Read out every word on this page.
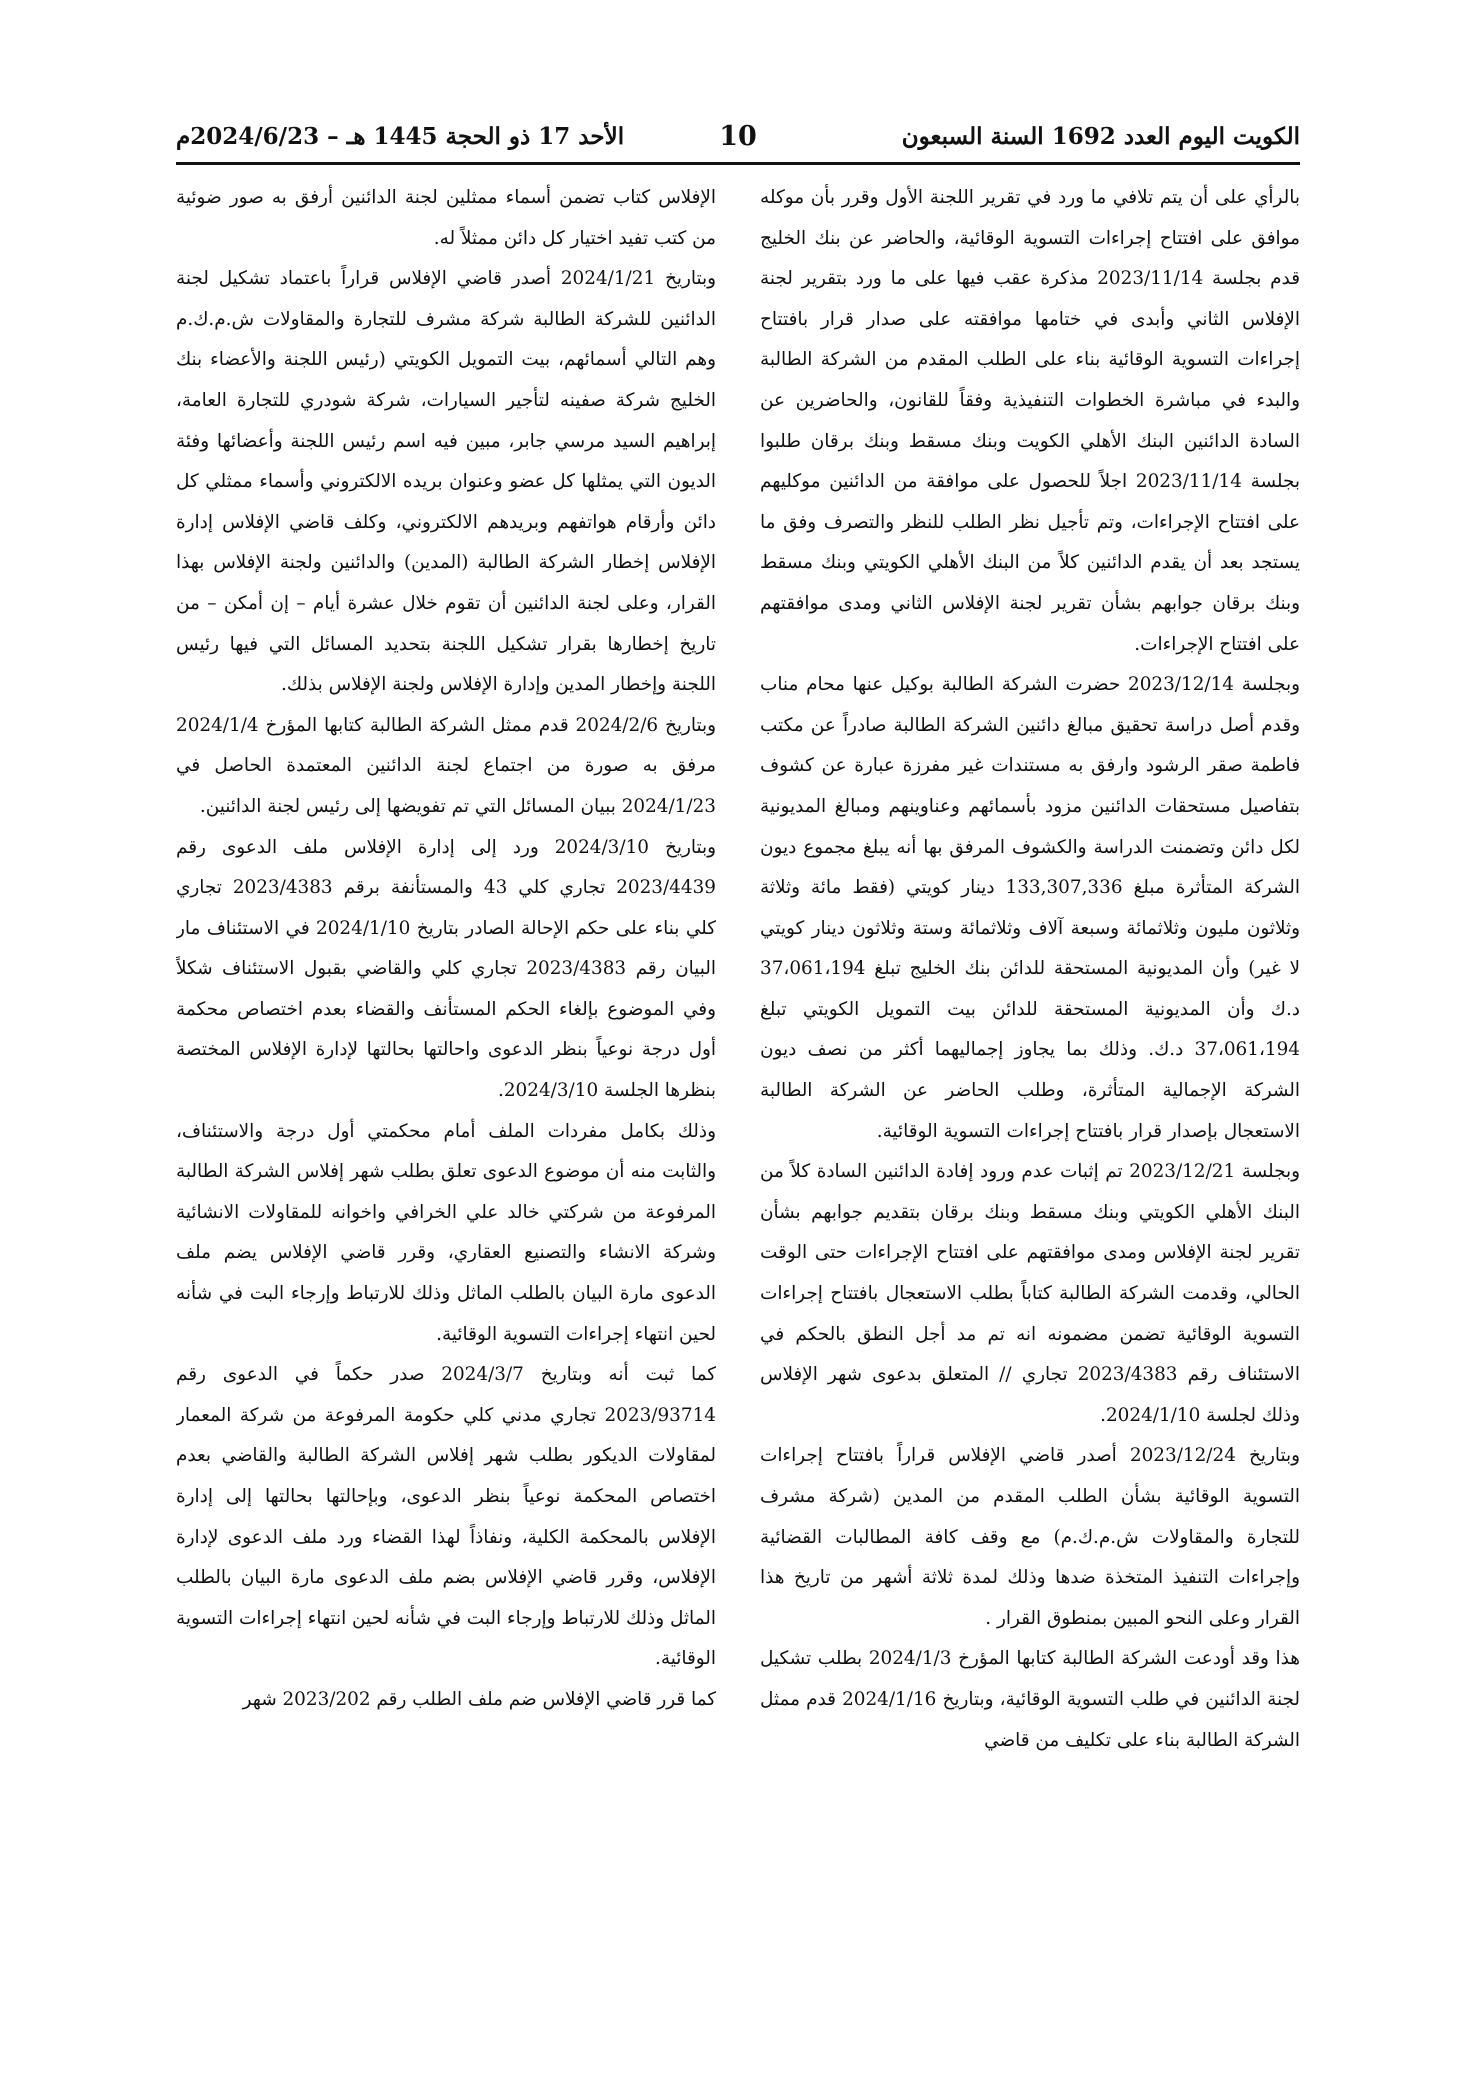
الكويت اليوم العدد 1692 السنة السبعون
10
الأحد 17 ذو الحجة 1445 هـ – 2024/6/23م

بالرأي على أن يتم تلافي ما ورد في تقرير اللجنة الأول وقرر بأن موكله موافق على افتتاح إجراءات التسوية الوقائية، والحاضر عن بنك الخليج قدم بجلسة 2023/11/14 مذكرة عقب فيها على ما ورد بتقرير لجنة الإفلاس الثاني وأبدى في ختامها موافقته على صدار قرار بافتتاح إجراءات التسوية الوقائية بناء على الطلب المقدم من الشركة الطالبة والبدء في مباشرة الخطوات التنفيذية وفقاً للقانون، والحاضرين عن السادة الدائنين البنك الأهلي الكويت وبنك مسقط وبنك برقان طلبوا بجلسة 2023/11/14 اجلاً للحصول على موافقة من الدائنين موكليهم على افتتاح الإجراءات، وتم تأجيل نظر الطلب للنظر والتصرف وفق ما يستجد بعد أن يقدم الدائنين كلاً من البنك الأهلي الكويتي وبنك مسقط وبنك برقان جوابهم بشأن تقرير لجنة الإفلاس الثاني ومدى موافقتهم على افتتاح الإجراءات.

وبجلسة 2023/12/14 حضرت الشركة الطالبة بوكيل عنها محام مناب وقدم أصل دراسة تحقيق مبالغ دائنين الشركة الطالبة صادراً عن مكتب فاطمة صقر الرشود وارفق به مستندات غير مفرزة عبارة عن كشوف بتفاصيل مستحقات الدائنين مزود بأسمائهم وعناوينهم ومبالغ المديونية لكل دائن وتضمنت الدراسة والكشوف المرفق بها أنه يبلغ مجموع ديون الشركة المتأثرة مبلغ 133,307,336 دينار كويتي (فقط مائة وثلاثة وثلاثون مليون وثلاثمائة وسبعة آلاف وثلاثمائة وستة وثلاثون دينار كويتي لا غير) وأن المديونية المستحقة للدائن بنك الخليج تبلغ 37،061،194 د.ك وأن المديونية المستحقة للدائن بيت التمويل الكويتي تبلغ 37،061،194 د.ك. وذلك بما يجاوز إجماليهما أكثر من نصف ديون الشركة الإجمالية المتأثرة، وطلب الحاضر عن الشركة الطالبة الاستعجال بإصدار قرار بافتتاح إجراءات التسوية الوقائية.

وبجلسة 2023/12/21 تم إثبات عدم ورود إفادة الدائنين السادة كلاً من البنك الأهلي الكويتي وبنك مسقط وبنك برقان بتقديم جوابهم بشأن تقرير لجنة الإفلاس ومدى موافقتهم على افتتاح الإجراءات حتى الوقت الحالي، وقدمت الشركة الطالبة كتاباً بطلب الاستعجال بافتتاح إجراءات التسوية الوقائية تضمن مضمونه انه تم مد أجل النطق بالحكم في الاستئناف رقم 2023/4383 تجاري // المتعلق بدعوى شهر الإفلاس وذلك لجلسة 2024/1/10.

وبتاريخ 2023/12/24 أصدر قاضي الإفلاس قراراً بافتتاح إجراءات التسوية الوقائية بشأن الطلب المقدم من المدين (شركة مشرف للتجارة والمقاولات ش.م.ك.م) مع وقف كافة المطالبات القضائية وإجراءات التنفيذ المتخذة ضدها وذلك لمدة ثلاثة أشهر من تاريخ هذا القرار وعلى النحو المبين بمنطوق القرار .

هذا وقد أودعت الشركة الطالبة كتابها المؤرخ 2024/1/3 بطلب تشكيل لجنة الدائنين في طلب التسوية الوقائية، وبتاريخ 2024/1/16 قدم ممثل الشركة الطالبة بناء على تكليف من قاضي

الإفلاس كتاب تضمن أسماء ممثلين لجنة الدائنين أرفق به صور ضوئية من كتب تفيد اختيار كل دائن ممثلاً له.

وبتاريخ 2024/1/21 أصدر قاضي الإفلاس قراراً باعتماد تشكيل لجنة الدائنين للشركة الطالبة شركة مشرف للتجارة والمقاولات ش.م.ك.م وهم التالي أسمائهم، بيت التمويل الكويتي (رئيس اللجنة والأعضاء بنك الخليج شركة صفينه لتأجير السيارات، شركة شودري للتجارة العامة، إبراهيم السيد مرسي جابر، مبين فيه اسم رئيس اللجنة وأعضائها وفئة الديون التي يمثلها كل عضو وعنوان بريده الالكتروني وأسماء ممثلي كل دائن وأرقام هواتفهم وبريدهم الالكتروني، وكلف قاضي الإفلاس إدارة الإفلاس إخطار الشركة الطالبة (المدين) والدائنين ولجنة الإفلاس بهذا القرار، وعلى لجنة الدائنين أن تقوم خلال عشرة أيام – إن أمكن – من تاريخ إخطارها بقرار تشكيل اللجنة بتحديد المسائل التي فيها رئيس اللجنة وإخطار المدين وإدارة الإفلاس ولجنة الإفلاس بذلك.

وبتاريخ 2024/2/6 قدم ممثل الشركة الطالبة كتابها المؤرخ 2024/1/4 مرفق به صورة من اجتماع لجنة الدائنين المعتمدة الحاصل في 2024/1/23 ببيان المسائل التي تم تفويضها إلى رئيس لجنة الدائنين.

وبتاريخ 2024/3/10 ورد إلى إدارة الإفلاس ملف الدعوى رقم 2023/4439 تجاري كلي 43 والمستأنفة برقم 2023/4383 تجاري كلي بناء على حكم الإحالة الصادر بتاريخ 2024/1/10 في الاستئناف مار البيان رقم 2023/4383 تجاري كلي والقاضي بقبول الاستئناف شكلاً وفي الموضوع بإلغاء الحكم المستأنف والقضاء بعدم اختصاص محكمة أول درجة نوعياً بنظر الدعوى واحالتها بحالتها لإدارة الإفلاس المختصة بنظرها الجلسة 2024/3/10.

وذلك بكامل مفردات الملف أمام محكمتي أول درجة والاستئناف، والثابت منه أن موضوع الدعوى تعلق بطلب شهر إفلاس الشركة الطالبة المرفوعة من شركتي خالد علي الخرافي واخوانه للمقاولات الانشائية وشركة الانشاء والتصنيع العقاري، وقرر قاضي الإفلاس يضم ملف الدعوى مارة البيان بالطلب الماثل وذلك للارتباط وإرجاء البت في شأنه لحين انتهاء إجراءات التسوية الوقائية.

كما ثبت أنه وبتاريخ 2024/3/7 صدر حكماً في الدعوى رقم 2023/93714 تجاري مدني كلي حكومة المرفوعة من شركة المعمار لمقاولات الديكور بطلب شهر إفلاس الشركة الطالبة والقاضي بعدم اختصاص المحكمة نوعياً بنظر الدعوى، وبإحالتها بحالتها إلى إدارة الإفلاس بالمحكمة الكلية، ونفاذاً لهذا القضاء ورد ملف الدعوى لإدارة الإفلاس، وقرر قاضي الإفلاس بضم ملف الدعوى مارة البيان بالطلب الماثل وذلك للارتباط وإرجاء البت في شأنه لحين انتهاء إجراءات التسوية الوقائية.

كما قرر قاضي الإفلاس ضم ملف الطلب رقم 2023/202 شهر
